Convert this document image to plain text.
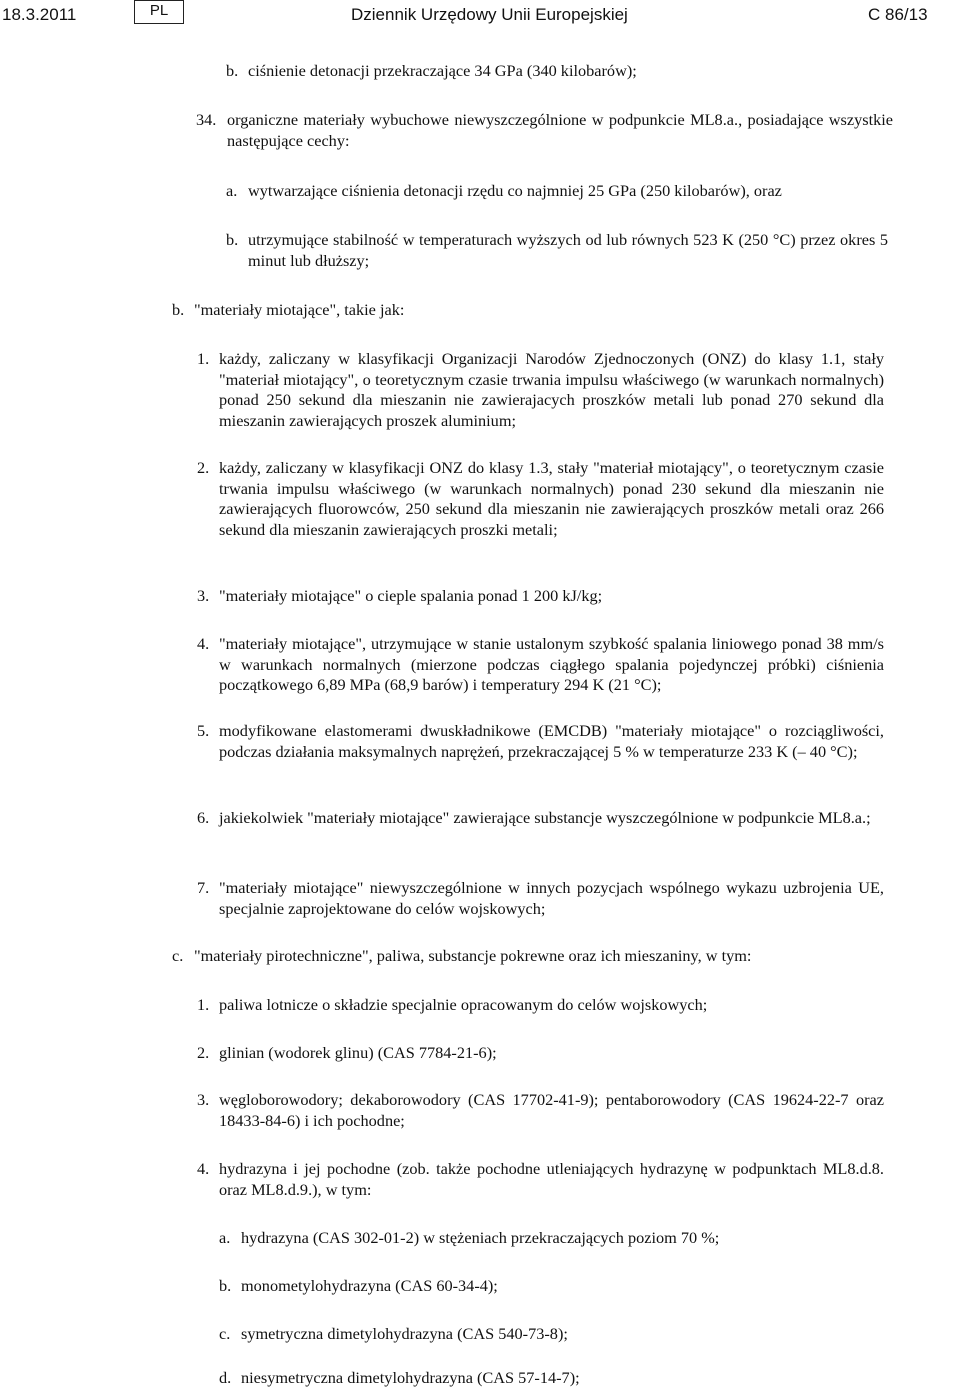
18.3.2011	PL	Dziennik Urzędowy Unii Europejskiej	C 86/13
b. ciśnienie detonacji przekraczające 34 GPa (340 kilobarów);
34. organiczne materiały wybuchowe niewyszczególnione w podpunkcie ML8.a., posiadające wszystkie następujące cechy:
a. wytwarzające ciśnienia detonacji rzędu co najmniej 25 GPa (250 kilobarów), oraz
b. utrzymujące stabilność w temperaturach wyższych od lub równych 523 K (250 °C) przez okres 5 minut lub dłuższy;
b. "materiały miotające", takie jak:
1. każdy, zaliczany w klasyfikacji Organizacji Narodów Zjednoczonych (ONZ) do klasy 1.1, stały "materiał miotający", o teoretycznym czasie trwania impulsu właściwego (w warunkach normalnych) ponad 250 sekund dla mieszanin nie zawierajacych proszków metali lub ponad 270 sekund dla mieszanin zawierających proszek aluminium;
2. każdy, zaliczany w klasyfikacji ONZ do klasy 1.3, stały "materiał miotający", o teoretycznym czasie trwania impulsu właściwego (w warunkach normalnych) ponad 230 sekund dla mieszanin nie zawierających fluorowców, 250 sekund dla mieszanin nie zawierających proszków metali oraz 266 sekund dla mieszanin zawierających proszki metali;
3. "materiały miotające" o cieple spalania ponad 1 200 kJ/kg;
4. "materiały miotające", utrzymujące w stanie ustalonym szybkość spalania liniowego ponad 38 mm/s w warunkach normalnych (mierzone podczas ciągłego spalania pojedynczej próbki) ciśnienia początkowego 6,89 MPa (68,9 barów) i temperatury 294 K (21 °C);
5. modyfikowane elastomerami dwuskładnikowe (EMCDB) "materiały miotające" o rozciągliwości, podczas działania maksymalnych naprężeń, przekraczającej 5 % w temperaturze 233 K (– 40 °C);
6. jakiekolwiek "materiały miotające" zawierające substancje wyszczególnione w podpunkcie ML8.a.;
7. "materiały miotające" niewyszczególnione w innych pozycjach wspólnego wykazu uzbrojenia UE, specjalnie zaprojektowane do celów wojskowych;
c. "materiały pirotechniczne", paliwa, substancje pokrewne oraz ich mieszaniny, w tym:
1. paliwa lotnicze o składzie specjalnie opracowanym do celów wojskowych;
2. glinian (wodorek glinu) (CAS 7784-21-6);
3. węgloborowodory; dekaborowodory (CAS 17702-41-9); pentaborowodory (CAS 19624-22-7 oraz 18433-84-6) i ich pochodne;
4. hydrazyna i jej pochodne (zob. także pochodne utleniających hydrazynę w podpunktach ML8.d.8. oraz ML8.d.9.), w tym:
a. hydrazyna (CAS 302-01-2) w stężeniach przekraczających poziom 70 %;
b. monometylohydrazyna (CAS 60-34-4);
c. symetryczna dimetylohydrazyna (CAS 540-73-8);
d. niesymetryczna dimetylohydrazyna (CAS 57-14-7);
